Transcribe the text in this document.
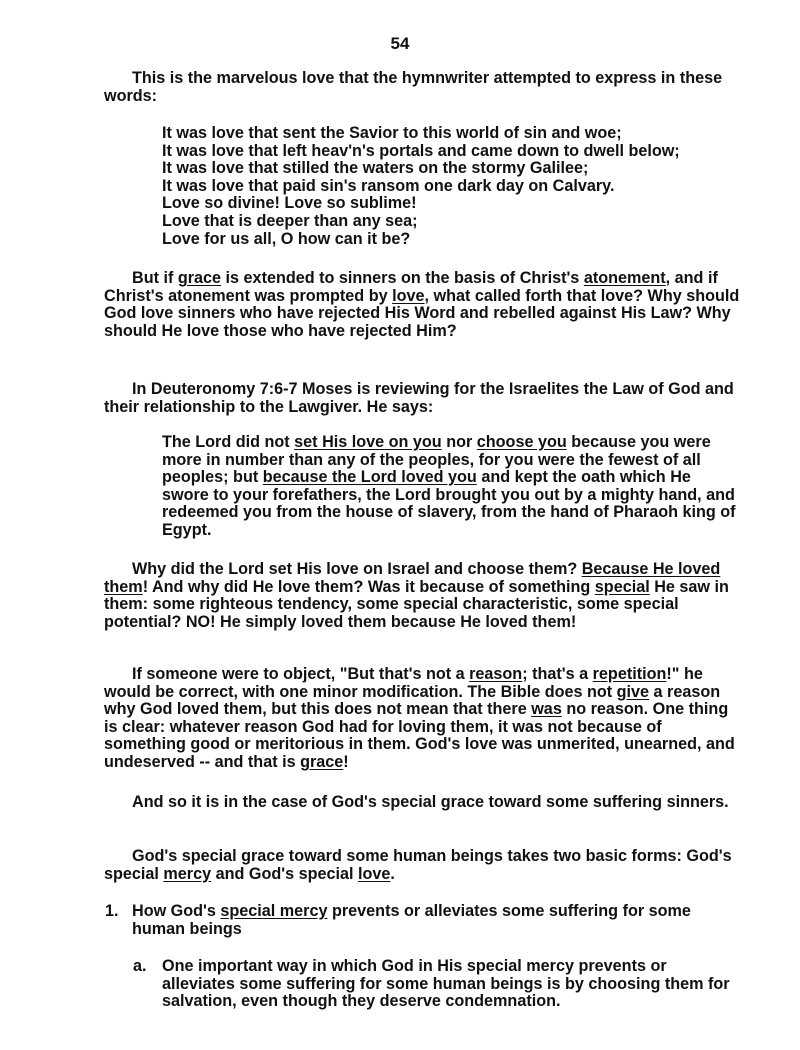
54

This is the marvelous love that the hymnwriter attempted to express in these words:

It was love that sent the Savior to this world of sin and woe;
It was love that left heav'n's portals and came down to dwell below;
It was love that stilled the waters on the stormy Galilee;
It was love that paid sin's ransom one dark day on Calvary.
Love so divine! Love so sublime!
Love that is deeper than any sea;
Love for us all, O how can it be?

But if grace is extended to sinners on the basis of Christ's atonement, and if Christ's atonement was prompted by love, what called forth that love? Why should God love sinners who have rejected His Word and rebelled against His Law? Why should He love those who have rejected Him?

In Deuteronomy 7:6-7 Moses is reviewing for the Israelites the Law of God and their relationship to the Lawgiver. He says:

The Lord did not set His love on you nor choose you because you were more in number than any of the peoples, for you were the fewest of all peoples; but because the Lord loved you and kept the oath which He swore to your forefathers, the Lord brought you out by a mighty hand, and redeemed you from the house of slavery, from the hand of Pharaoh king of Egypt.

Why did the Lord set His love on Israel and choose them? Because He loved them! And why did He love them? Was it because of something special He saw in them: some righteous tendency, some special characteristic, some special potential? NO! He simply loved them because He loved them!

If someone were to object, "But that's not a reason; that's a repetition!" he would be correct, with one minor modification. The Bible does not give a reason why God loved them, but this does not mean that there was no reason. One thing is clear: whatever reason God had for loving them, it was not because of something good or meritorious in them. God's love was unmerited, unearned, and undeserved -- and that is grace!

And so it is in the case of God's special grace toward some suffering sinners.

God's special grace toward some human beings takes two basic forms: God's special mercy and God's special love.

1. How God's special mercy prevents or alleviates some suffering for some human beings

a. One important way in which God in His special mercy prevents or alleviates some suffering for some human beings is by choosing them for salvation, even though they deserve condemnation.
